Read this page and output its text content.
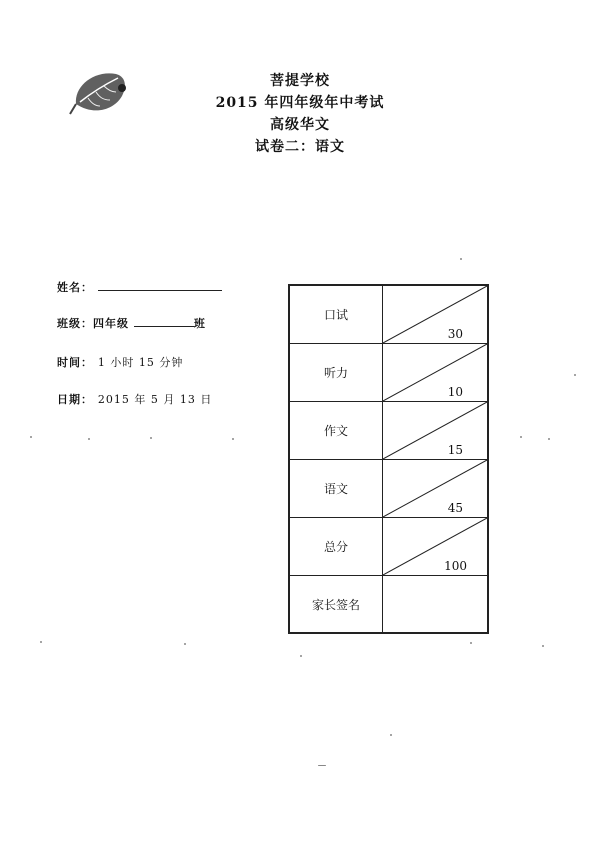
菩提学校
2015 年四年级年中考试
高级华文
试卷二：语文
姓名：
班级：四年级	班
时间： 1 小时 15 分钟
日期： 2015 年 5 月 13 日
口试	30

听力	10

作文	15

语文	45

总分	100

家长签名	
